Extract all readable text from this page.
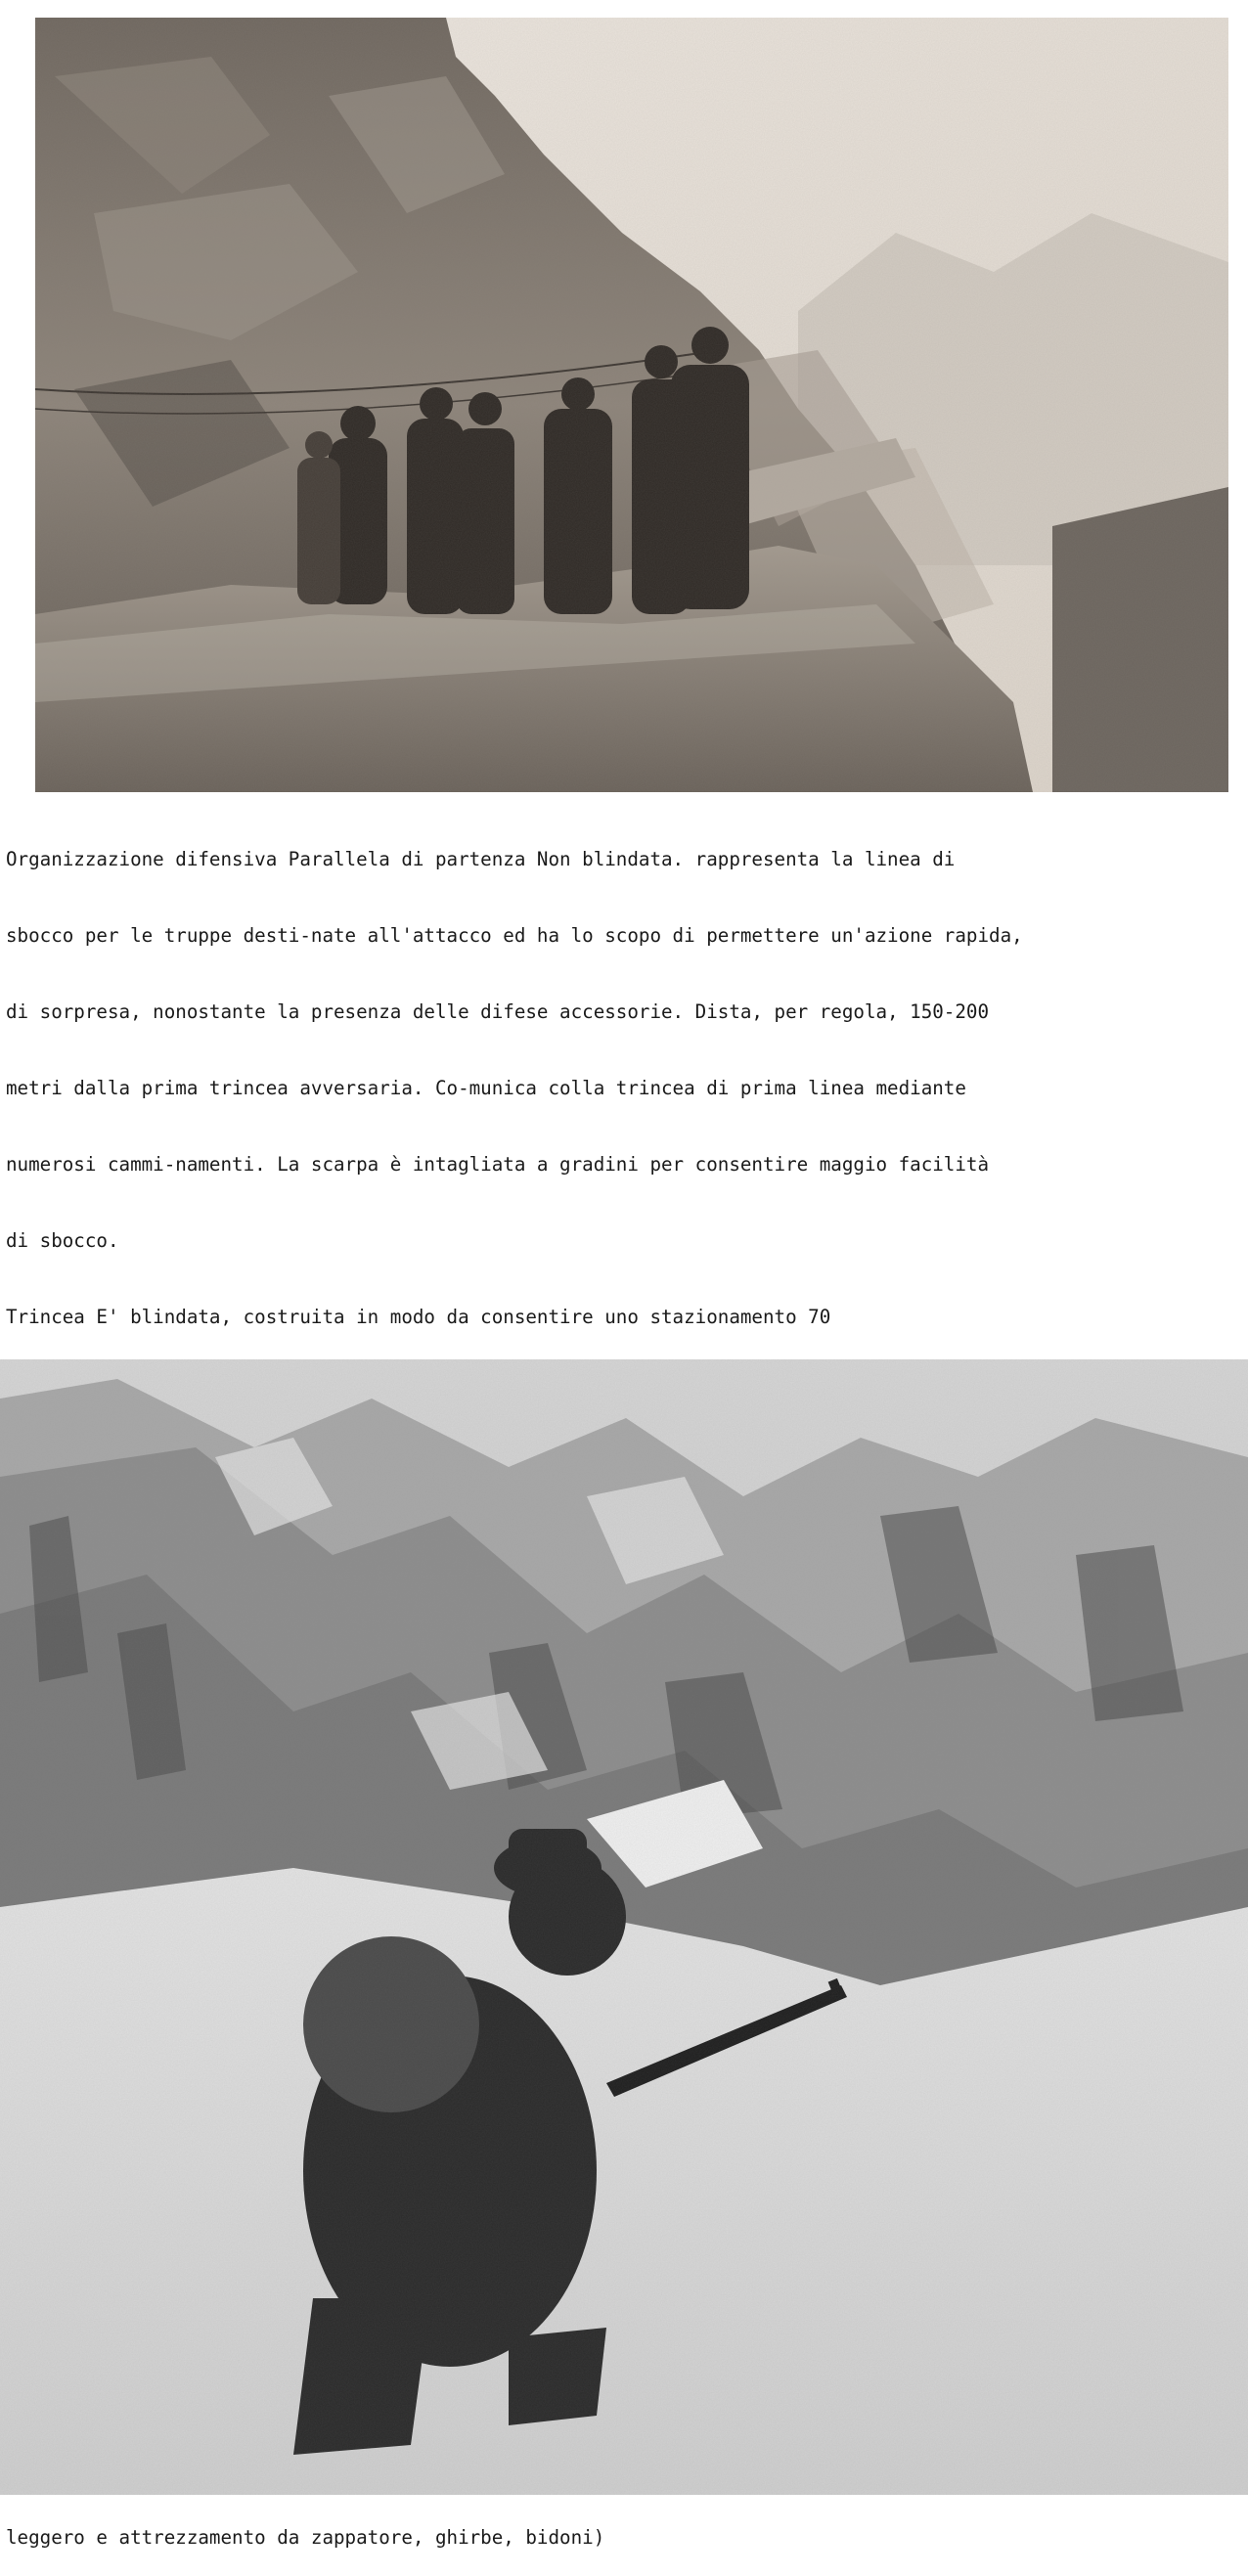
Organizzazione difensiva Parallela di partenza Non blindata. rappresenta la linea di

sbocco per le truppe desti-nate all'attacco ed ha lo scopo di permettere un'azione rapida,

di sorpresa, nonostante la presenza delle difese accessorie. Dista, per regola, 150-200

metri dalla prima trincea avversaria. Co-munica colla trincea di prima linea mediante

numerosi cammi-namenti. La scarpa è intagliata a gradini per consentire maggio facilità

di sbocco.

Trincea E' blindata, costruita in modo da consentire uno stazionamento 70

leggero e attrezzamento da zappatore, ghirbe, bidoni)
